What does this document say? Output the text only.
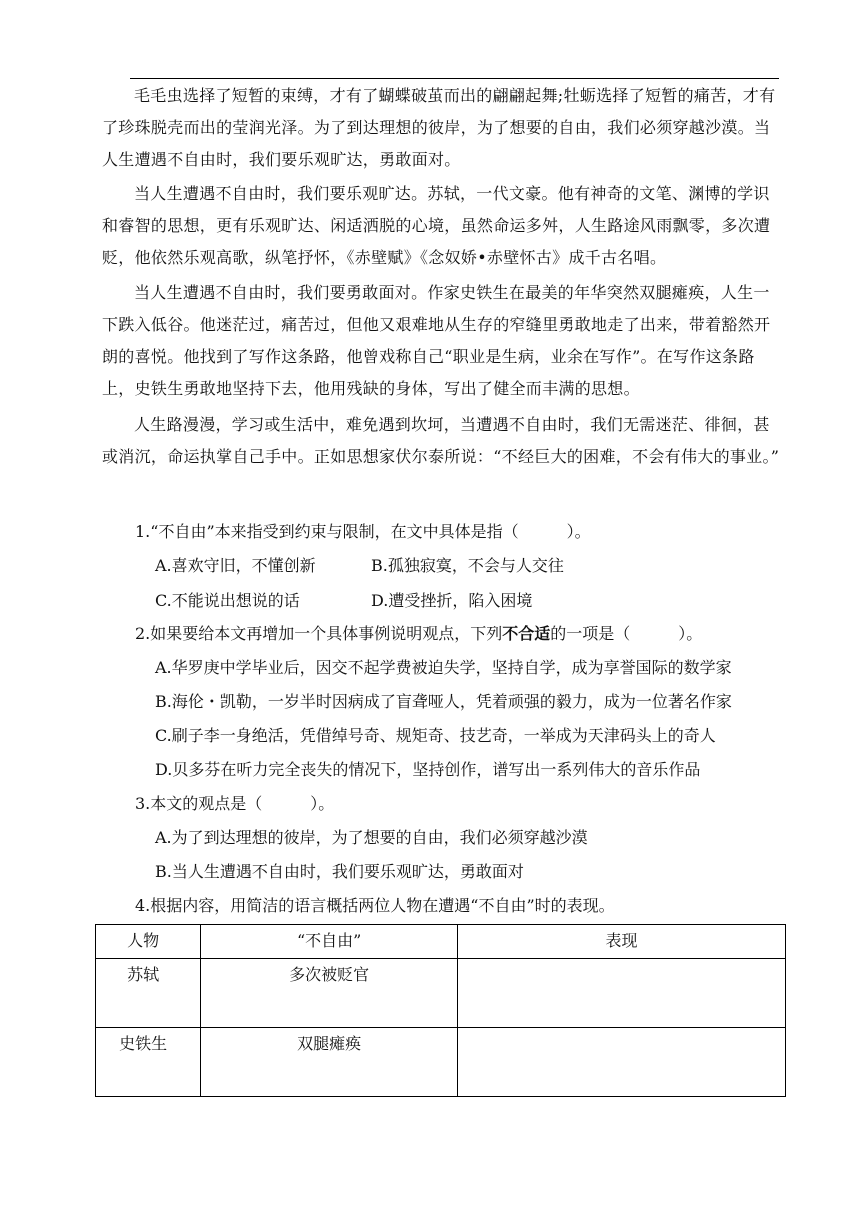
毛毛虫选择了短暂的束缚，才有了蝴蝶破茧而出的翩翩起舞;牡蛎选择了短暂的痛苦，才有了珍珠脱壳而出的莹润光泽。为了到达理想的彼岸，为了想要的自由，我们必须穿越沙漠。当人生遭遇不自由时，我们要乐观旷达，勇敢面对。

当人生遭遇不自由时，我们要乐观旷达。苏轼，一代文豪。他有神奇的文笔、渊博的学识和睿智的思想，更有乐观旷达、闲适洒脱的心境，虽然命运多舛，人生路途风雨飘零，多次遭贬，他依然乐观高歌，纵笔抒怀，《赤壁赋》《念奴娇•赤壁怀古》成千古名唱。

当人生遭遇不自由时，我们要勇敢面对。作家史铁生在最美的年华突然双腿瘫痪，人生一下跌入低谷。他迷茫过，痛苦过，但他又艰难地从生存的窄缝里勇敢地走了出来，带着豁然开朗的喜悦。他找到了写作这条路，他曾戏称自己“职业是生病，业余在写作”。在写作这条路上，史铁生勇敢地坚持下去，他用残缺的身体，写出了健全而丰满的思想。

人生路漫漫，学习或生活中，难免遇到坎坷，当遭遇不自由时，我们无需迷茫、徘徊，甚或消沉，命运执掌自己手中。正如思想家伏尔泰所说：“不经巨大的困难，不会有伟大的事业。”

1.“不自由”本来指受到约束与限制，在文中具体是指（　　　）。

A.喜欢守旧，不懂创新	B.孤独寂寞，不会与人交往

C.不能说出想说的话	D.遭受挫折，陷入困境

2.如果要给本文再增加一个具体事例说明观点，下列不合适的一项是（　　　）。

A.华罗庚中学毕业后，因交不起学费被迫失学，坚持自学，成为享誉国际的数学家

B.海伦・凯勒，一岁半时因病成了盲聋哑人，凭着顽强的毅力，成为一位著名作家

C.刷子李一身绝活，凭借绰号奇、规矩奇、技艺奇，一举成为天津码头上的奇人

D.贝多芬在听力完全丧失的情况下，坚持创作，谱写出一系列伟大的音乐作品

3.本文的观点是（　　　）。

A.为了到达理想的彼岸，为了想要的自由，我们必须穿越沙漠

B.当人生遭遇不自由时，我们要乐观旷达，勇敢面对

4.根据内容，用简洁的语言概括两位人物在遭遇“不自由”时的表现。

人物	“不自由”	表现
苏轼	多次被贬官	
史铁生	双腿瘫痪	
